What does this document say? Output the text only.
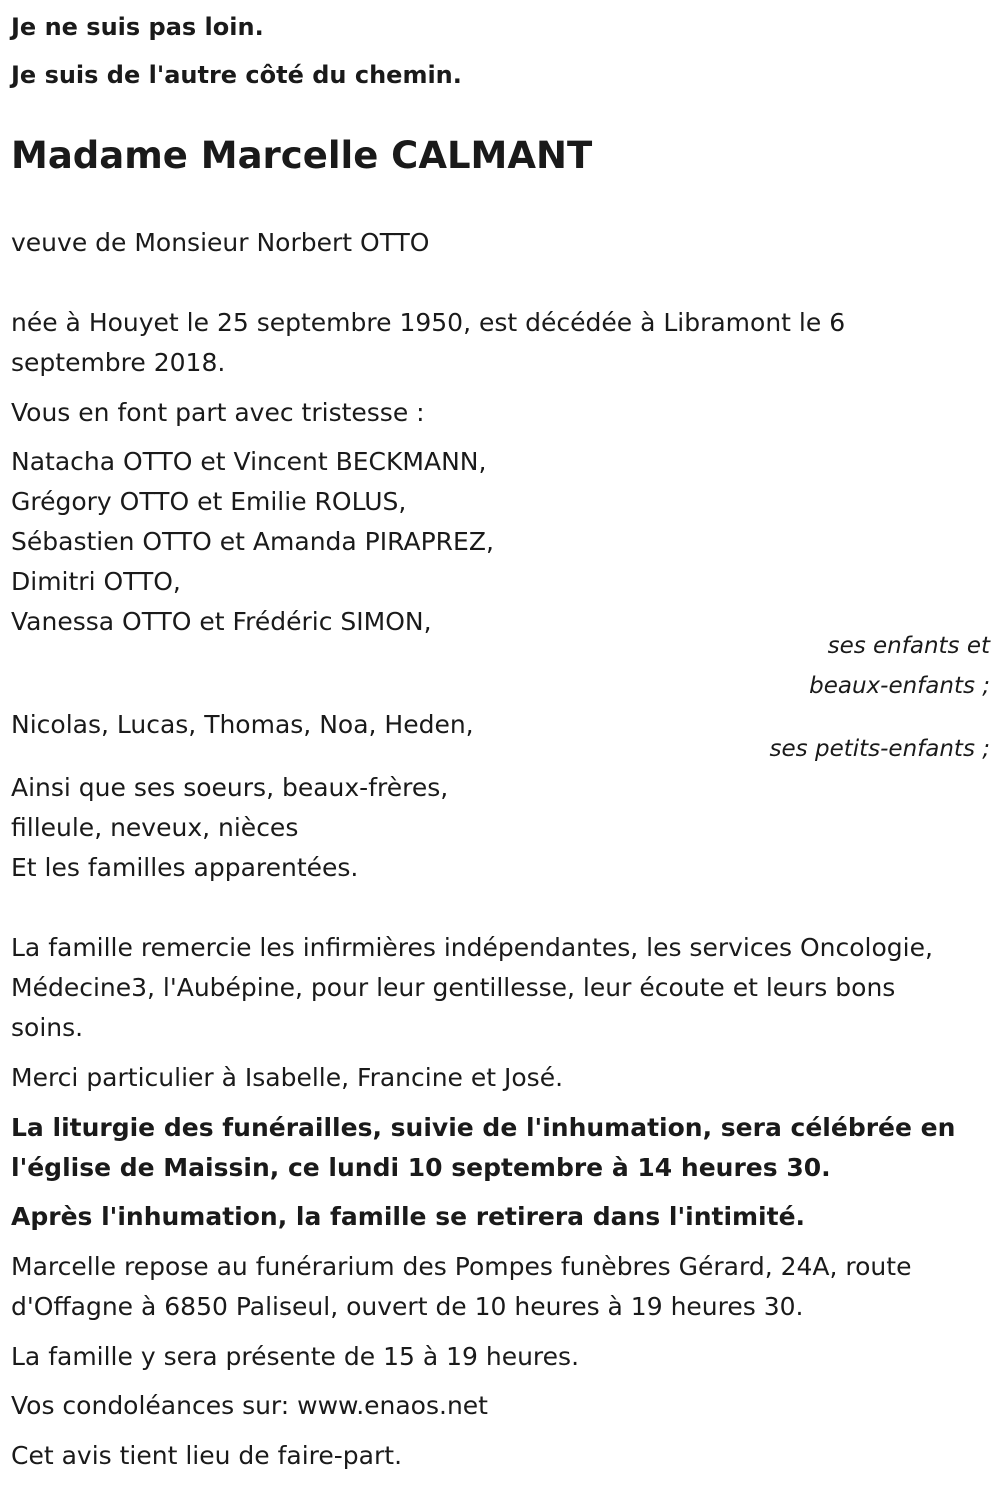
Je ne suis pas loin.

Je suis de l'autre côté du chemin.

Madame Marcelle CALMANT

veuve de Monsieur Norbert OTTO

née à Houyet le 25 septembre 1950, est décédée à Libramont le 6

septembre 2018.

Vous en font part avec tristesse :

Natacha OTTO et Vincent BECKMANN,

Grégory OTTO et Emilie ROLUS,

Sébastien OTTO et Amanda PIRAPREZ,

Dimitri OTTO,

Vanessa OTTO et Frédéric SIMON,

ses enfants et

beaux-enfants ;

Nicolas, Lucas, Thomas, Noa, Heden,

ses petits-enfants ;

Ainsi que ses soeurs, beaux-frères,

filleule, neveux, nièces

Et les familles apparentées.

La famille remercie les infirmières indépendantes, les services Oncologie,

Médecine3, l'Aubépine, pour leur gentillesse, leur écoute et leurs bons

soins.

Merci particulier à Isabelle, Francine et José.

La liturgie des funérailles, suivie de l'inhumation, sera célébrée en

l'église de Maissin, ce lundi 10 septembre à 14 heures 30.

Après l'inhumation, la famille se retirera dans l'intimité.

Marcelle repose au funérarium des Pompes funèbres Gérard, 24A, route

d'Offagne à 6850 Paliseul, ouvert de 10 heures à 19 heures 30.

La famille y sera présente de 15 à 19 heures.

Vos condoléances sur: www.enaos.net

Cet avis tient lieu de faire-part.
